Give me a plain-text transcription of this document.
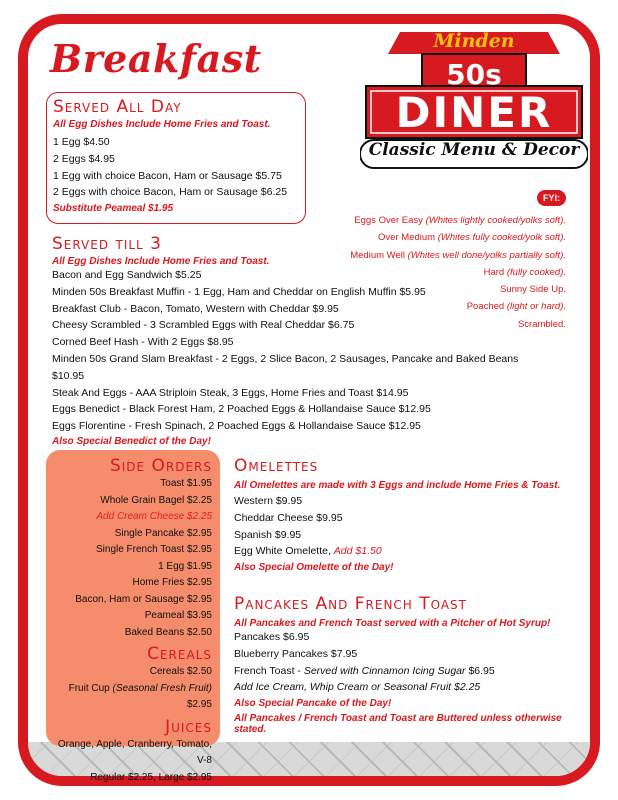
Breakfast	Minden
50s
DINER
Classic Menu & Decor
Served All Day
All Egg Dishes Include Home Fries and Toast.
1 Egg $4.50
2 Eggs $4.95
1 Egg with choice Bacon, Ham or Sausage $5.75
2 Eggs with choice Bacon, Ham or Sausage $6.25
Substitute Peameal $1.95
FYI:
Eggs Over Easy (Whites lightly cooked/yolks soft).
Over Medium (Whites fully cooked/yolk soft).
Medium Well (Whites well done/yolks partially soft).
Hard (fully cooked).
Sunny Side Up.
Poached (light or hard).
Scrambled.
Served till 3
All Egg Dishes Include Home Fries and Toast.
Bacon and Egg Sandwich $5.25
Minden 50s Breakfast Muffin - 1 Egg, Ham and Cheddar on English Muffin $5.95
Breakfast Club - Bacon, Tomato, Western with Cheddar $9.95
Cheesy Scrambled - 3 Scrambled Eggs with Real Cheddar $6.75
Corned Beef Hash - With 2 Eggs $8.95
Minden 50s Grand Slam Breakfast - 2 Eggs, 2 Slice Bacon, 2 Sausages, Pancake and Baked Beans $10.95
Steak And Eggs - AAA Striploin Steak, 3 Eggs, Home Fries and Toast $14.95
Eggs Benedict - Black Forest Ham, 2 Poached Eggs & Hollandaise Sauce $12.95
Eggs Florentine - Fresh Spinach, 2 Poached Eggs & Hollandaise Sauce $12.95
Also Special Benedict of the Day!
Side Orders
Toast $1.95
Whole Grain Bagel $2.25
Add Cream Cheese $2.25
Single Pancake $2.95
Single French Toast $2.95
1 Egg $1.95
Home Fries $2.95
Bacon, Ham or Sausage $2.95
Peameal $3.95
Baked Beans $2.50
Cereals
Cereals $2.50
Fruit Cup (Seasonal Fresh Fruit) $2.95
Juices
Orange, Apple, Cranberry, Tomato, V-8
Regular $2.25, Large $2.95
Omelettes
All Omelettes are made with 3 Eggs and include Home Fries & Toast.
Western $9.95
Cheddar Cheese $9.95
Spanish $9.95
Egg White Omelette, Add $1.50
Also Special Omelette of the Day!
Pancakes And French Toast
All Pancakes and French Toast served with a Pitcher of Hot Syrup!
Pancakes $6.95
Blueberry Pancakes $7.95
French Toast - Served with Cinnamon Icing Sugar $6.95
Add Ice Cream, Whip Cream or Seasonal Fruit $2.25
Also Special Pancake of the Day!
All Pancakes / French Toast and Toast are Buttered unless otherwise stated.
